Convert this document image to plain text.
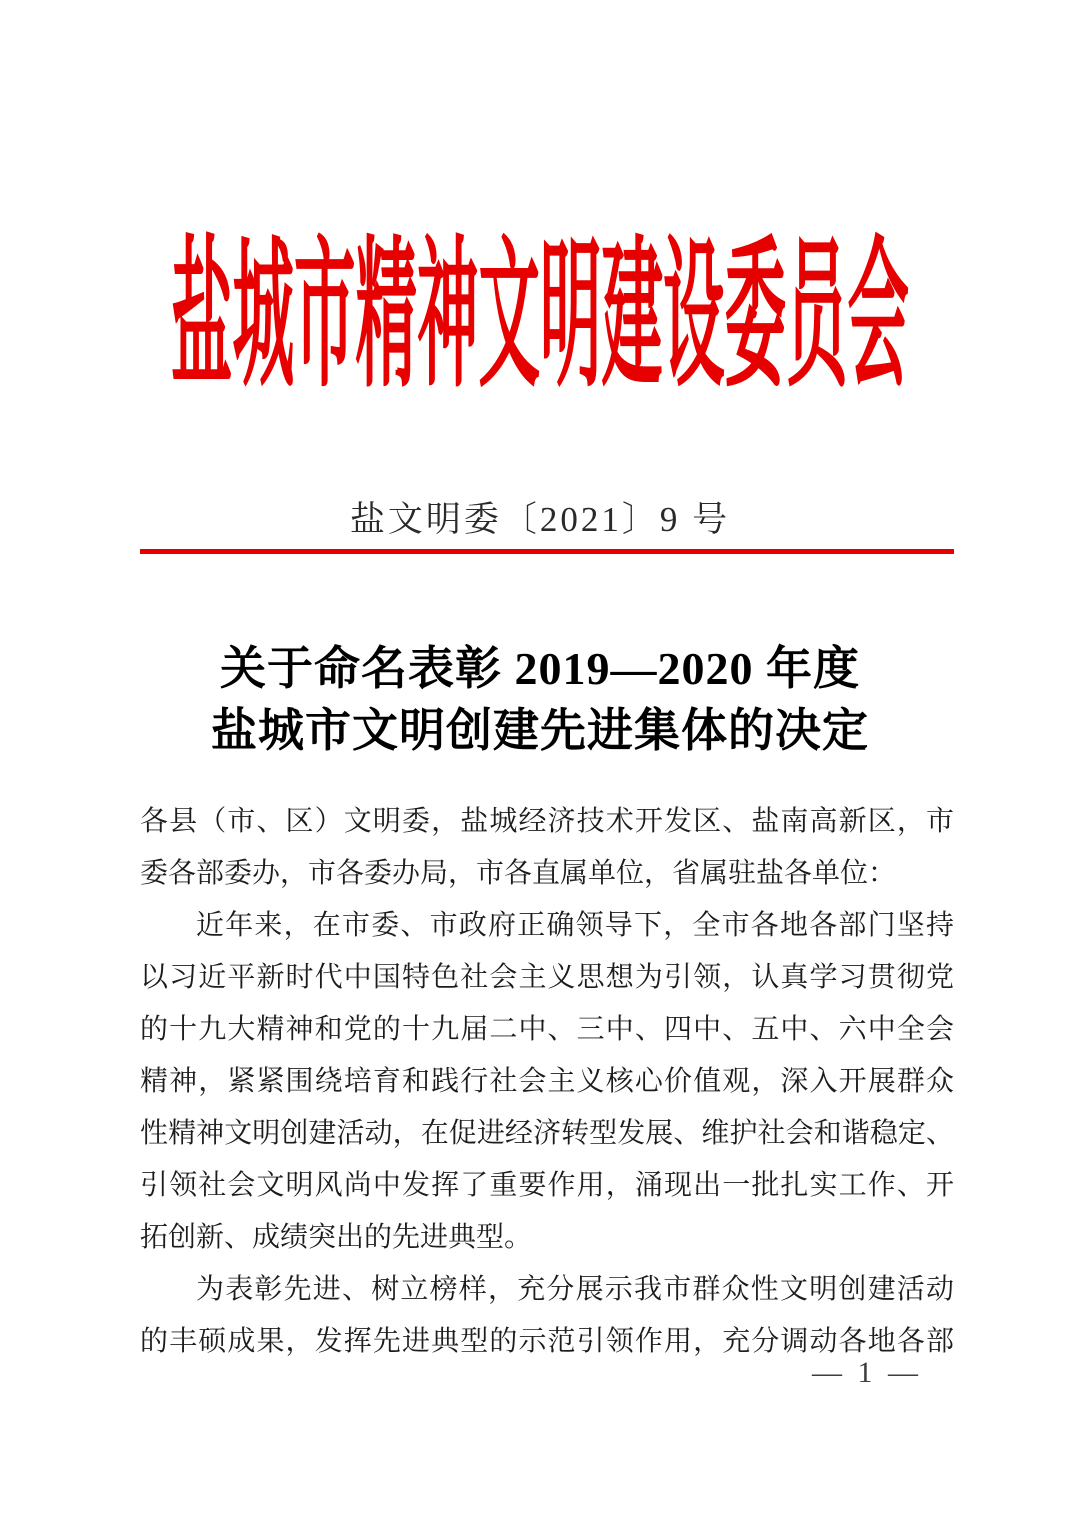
盐城市精神文明建设委员会
盐文明委〔2021〕9 号
关于命名表彰 2019—2020 年度
盐城市文明创建先进集体的决定
各县（市、区）文明委，盐城经济技术开发区、盐南高新区，市
委各部委办，市各委办局，市各直属单位，省属驻盐各单位：
近年来，在市委、市政府正确领导下，全市各地各部门坚持
以习近平新时代中国特色社会主义思想为引领，认真学习贯彻党
的十九大精神和党的十九届二中、三中、四中、五中、六中全会
精神，紧紧围绕培育和践行社会主义核心价值观，深入开展群众
性精神文明创建活动，在促进经济转型发展、维护社会和谐稳定、
引领社会文明风尚中发挥了重要作用，涌现出一批扎实工作、开
拓创新、成绩突出的先进典型。
为表彰先进、树立榜样，充分展示我市群众性文明创建活动
的丰硕成果，发挥先进典型的示范引领作用，充分调动各地各部
— 1 —
